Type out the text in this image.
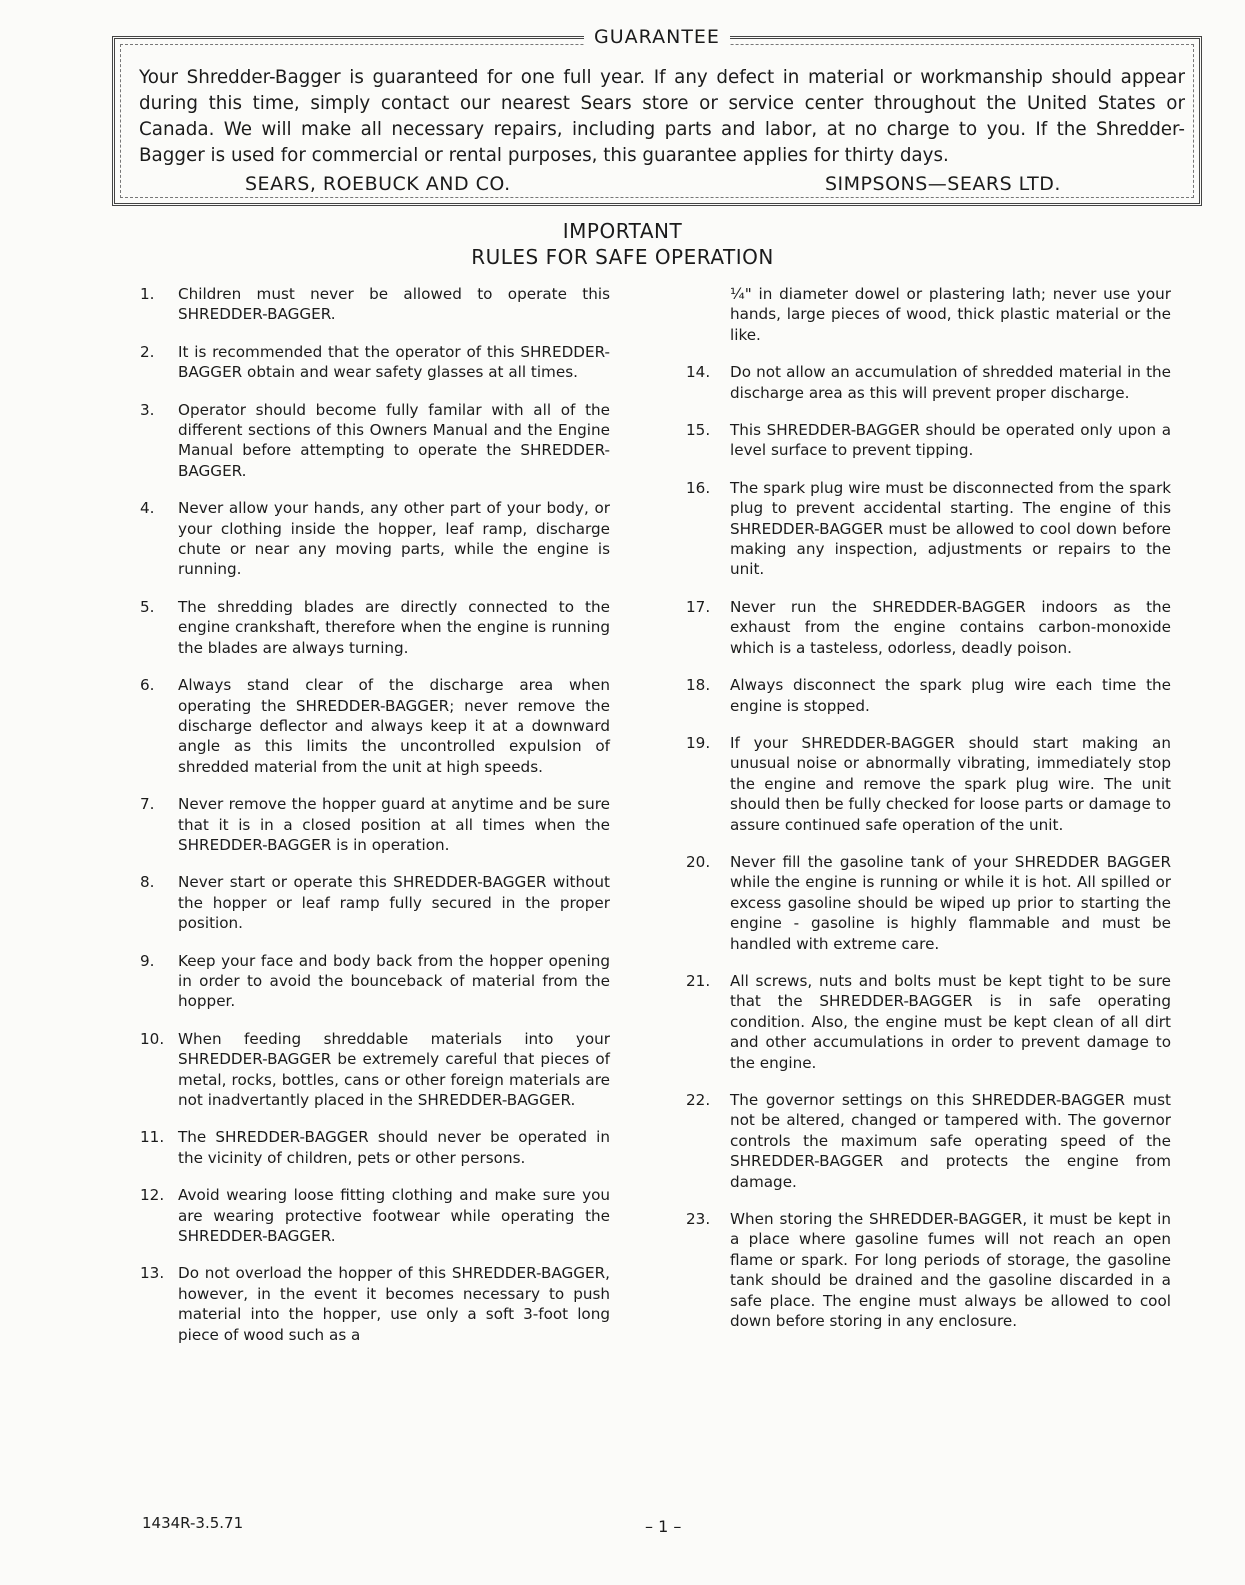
GUARANTEE
Your Shredder-Bagger is guaranteed for one full year. If any defect in material or workmanship should appear during this time, simply contact our nearest Sears store or service center throughout the United States or Canada. We will make all necessary repairs, including parts and labor, at no charge to you. If the Shredder-Bagger is used for commercial or rental purposes, this guarantee applies for thirty days.
SEARS, ROEBUCK AND CO.	SIMPSONS—SEARS LTD.
IMPORTANT
RULES FOR SAFE OPERATION
1. Children must never be allowed to operate this SHREDDER-BAGGER.
2. It is recommended that the operator of this SHREDDER-BAGGER obtain and wear safety glasses at all times.
3. Operator should become fully familar with all of the different sections of this Owners Manual and the Engine Manual before attempting to operate the SHREDDER-BAGGER.
4. Never allow your hands, any other part of your body, or your clothing inside the hopper, leaf ramp, discharge chute or near any moving parts, while the engine is running.
5. The shredding blades are directly connected to the engine crankshaft, therefore when the engine is running the blades are always turning.
6. Always stand clear of the discharge area when operating the SHREDDER-BAGGER; never remove the discharge deflector and always keep it at a downward angle as this limits the uncontrolled expulsion of shredded material from the unit at high speeds.
7. Never remove the hopper guard at anytime and be sure that it is in a closed position at all times when the SHREDDER-BAGGER is in operation.
8. Never start or operate this SHREDDER-BAGGER without the hopper or leaf ramp fully secured in the proper position.
9. Keep your face and body back from the hopper opening in order to avoid the bounceback of material from the hopper.
10. When feeding shreddable materials into your SHREDDER-BAGGER be extremely careful that pieces of metal, rocks, bottles, cans or other foreign materials are not inadvertantly placed in the SHREDDER-BAGGER.
11. The SHREDDER-BAGGER should never be operated in the vicinity of children, pets or other persons.
12. Avoid wearing loose fitting clothing and make sure you are wearing protective footwear while operating the SHREDDER-BAGGER.
13. Do not overload the hopper of this SHREDDER-BAGGER, however, in the event it becomes necessary to push material into the hopper, use only a soft 3-foot long piece of wood such as a
¼" in diameter dowel or plastering lath; never use your hands, large pieces of wood, thick plastic material or the like.
14. Do not allow an accumulation of shredded material in the discharge area as this will prevent proper discharge.
15. This SHREDDER-BAGGER should be operated only upon a level surface to prevent tipping.
16. The spark plug wire must be disconnected from the spark plug to prevent accidental starting. The engine of this SHREDDER-BAGGER must be allowed to cool down before making any inspection, adjustments or repairs to the unit.
17. Never run the SHREDDER-BAGGER indoors as the exhaust from the engine contains carbon-monoxide which is a tasteless, odorless, deadly poison.
18. Always disconnect the spark plug wire each time the engine is stopped.
19. If your SHREDDER-BAGGER should start making an unusual noise or abnormally vibrating, immediately stop the engine and remove the spark plug wire. The unit should then be fully checked for loose parts or damage to assure continued safe operation of the unit.
20. Never fill the gasoline tank of your SHREDDER BAGGER while the engine is running or while it is hot. All spilled or excess gasoline should be wiped up prior to starting the engine - gasoline is highly flammable and must be handled with extreme care.
21. All screws, nuts and bolts must be kept tight to be sure that the SHREDDER-BAGGER is in safe operating condition. Also, the engine must be kept clean of all dirt and other accumulations in order to prevent damage to the engine.
22. The governor settings on this SHREDDER-BAGGER must not be altered, changed or tampered with. The governor controls the maximum safe operating speed of the SHREDDER-BAGGER and protects the engine from damage.
23. When storing the SHREDDER-BAGGER, it must be kept in a place where gasoline fumes will not reach an open flame or spark. For long periods of storage, the gasoline tank should be drained and the gasoline discarded in a safe place. The engine must always be allowed to cool down before storing in any enclosure.
1434R-3.5.71	– 1 –
